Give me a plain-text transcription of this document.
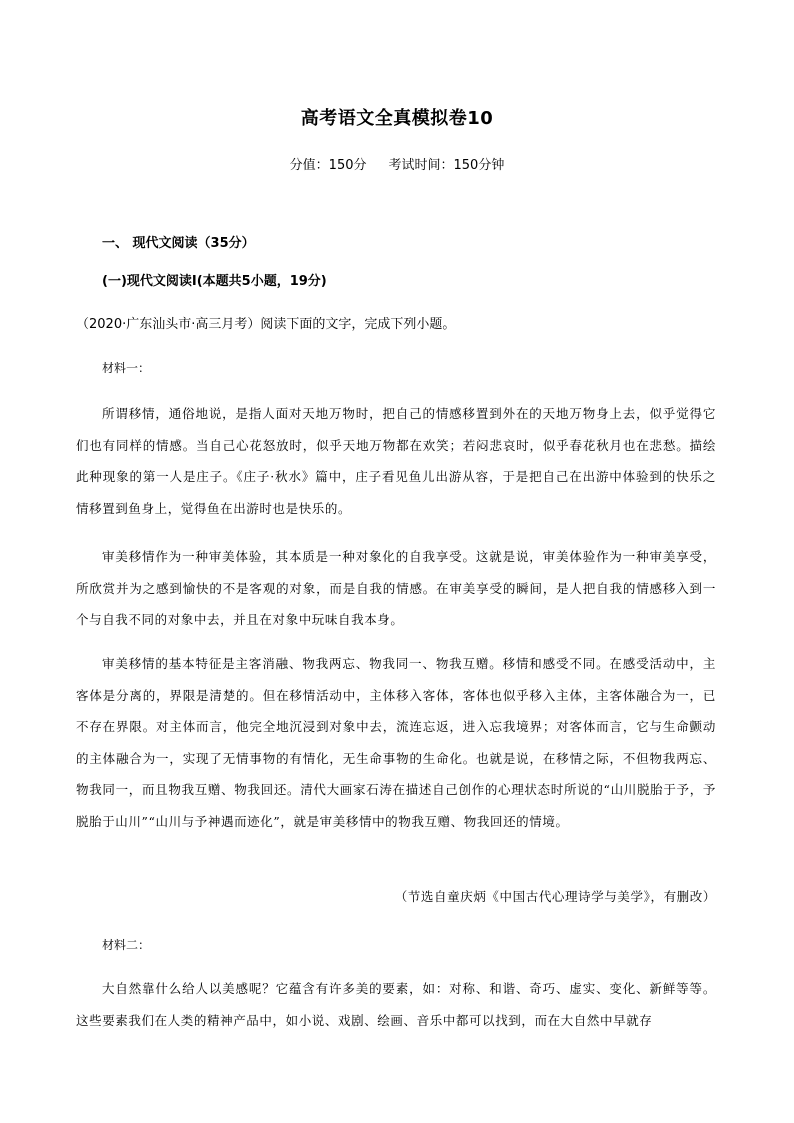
高考语文全真模拟卷10
分值：150分 考试时间：150分钟
一、 现代文阅读（35分）
(一)现代文阅读Ⅰ(本题共5小题，19分)
（2020·广东汕头市·高三月考）阅读下面的文字，完成下列小题。
材料一：
所谓移情，通俗地说，是指人面对天地万物时，把自己的情感移置到外在的天地万物身上去，似乎觉得它们也有同样的情感。当自己心花怒放时，似乎天地万物都在欢笑；若闷悲哀时，似乎春花秋月也在悲愁。描绘此种现象的第一人是庄子。《庄子·秋水》篇中，庄子看见鱼儿出游从容，于是把自己在出游中体验到的快乐之情移置到鱼身上，觉得鱼在出游时也是快乐的。
审美移情作为一种审美体验，其本质是一种对象化的自我享受。这就是说，审美体验作为一种审美享受，所欣赏并为之感到愉快的不是客观的对象，而是自我的情感。在审美享受的瞬间，是人把自我的情感移入到一个与自我不同的对象中去，并且在对象中玩味自我本身。
审美移情的基本特征是主客消融、物我两忘、物我同一、物我互赠。移情和感受不同。在感受活动中，主客体是分离的，界限是清楚的。但在移情活动中，主体移入客体，客体也似乎移入主体，主客体融合为一，已不存在界限。对主体而言，他完全地沉浸到对象中去，流连忘返，进入忘我境界；对客体而言，它与生命颤动的主体融合为一，实现了无情事物的有情化，无生命事物的生命化。也就是说，在移情之际，不但物我两忘、物我同一，而且物我互赠、物我回还。清代大画家石涛在描述自己创作的心理状态时所说的“山川脱胎于予，予脱胎于山川”“山川与予神遇而迹化”，就是审美移情中的物我互赠、物我回还的情境。
（节选自童庆炳《中国古代心理诗学与美学》，有删改）
材料二：
大自然靠什么给人以美感呢？它蕴含有许多美的要素，如：对称、和谐、奇巧、虚实、变化、新鲜等等。这些要素我们在人类的精神产品中，如小说、戏剧、绘画、音乐中都可以找到，而在大自然中早就存
